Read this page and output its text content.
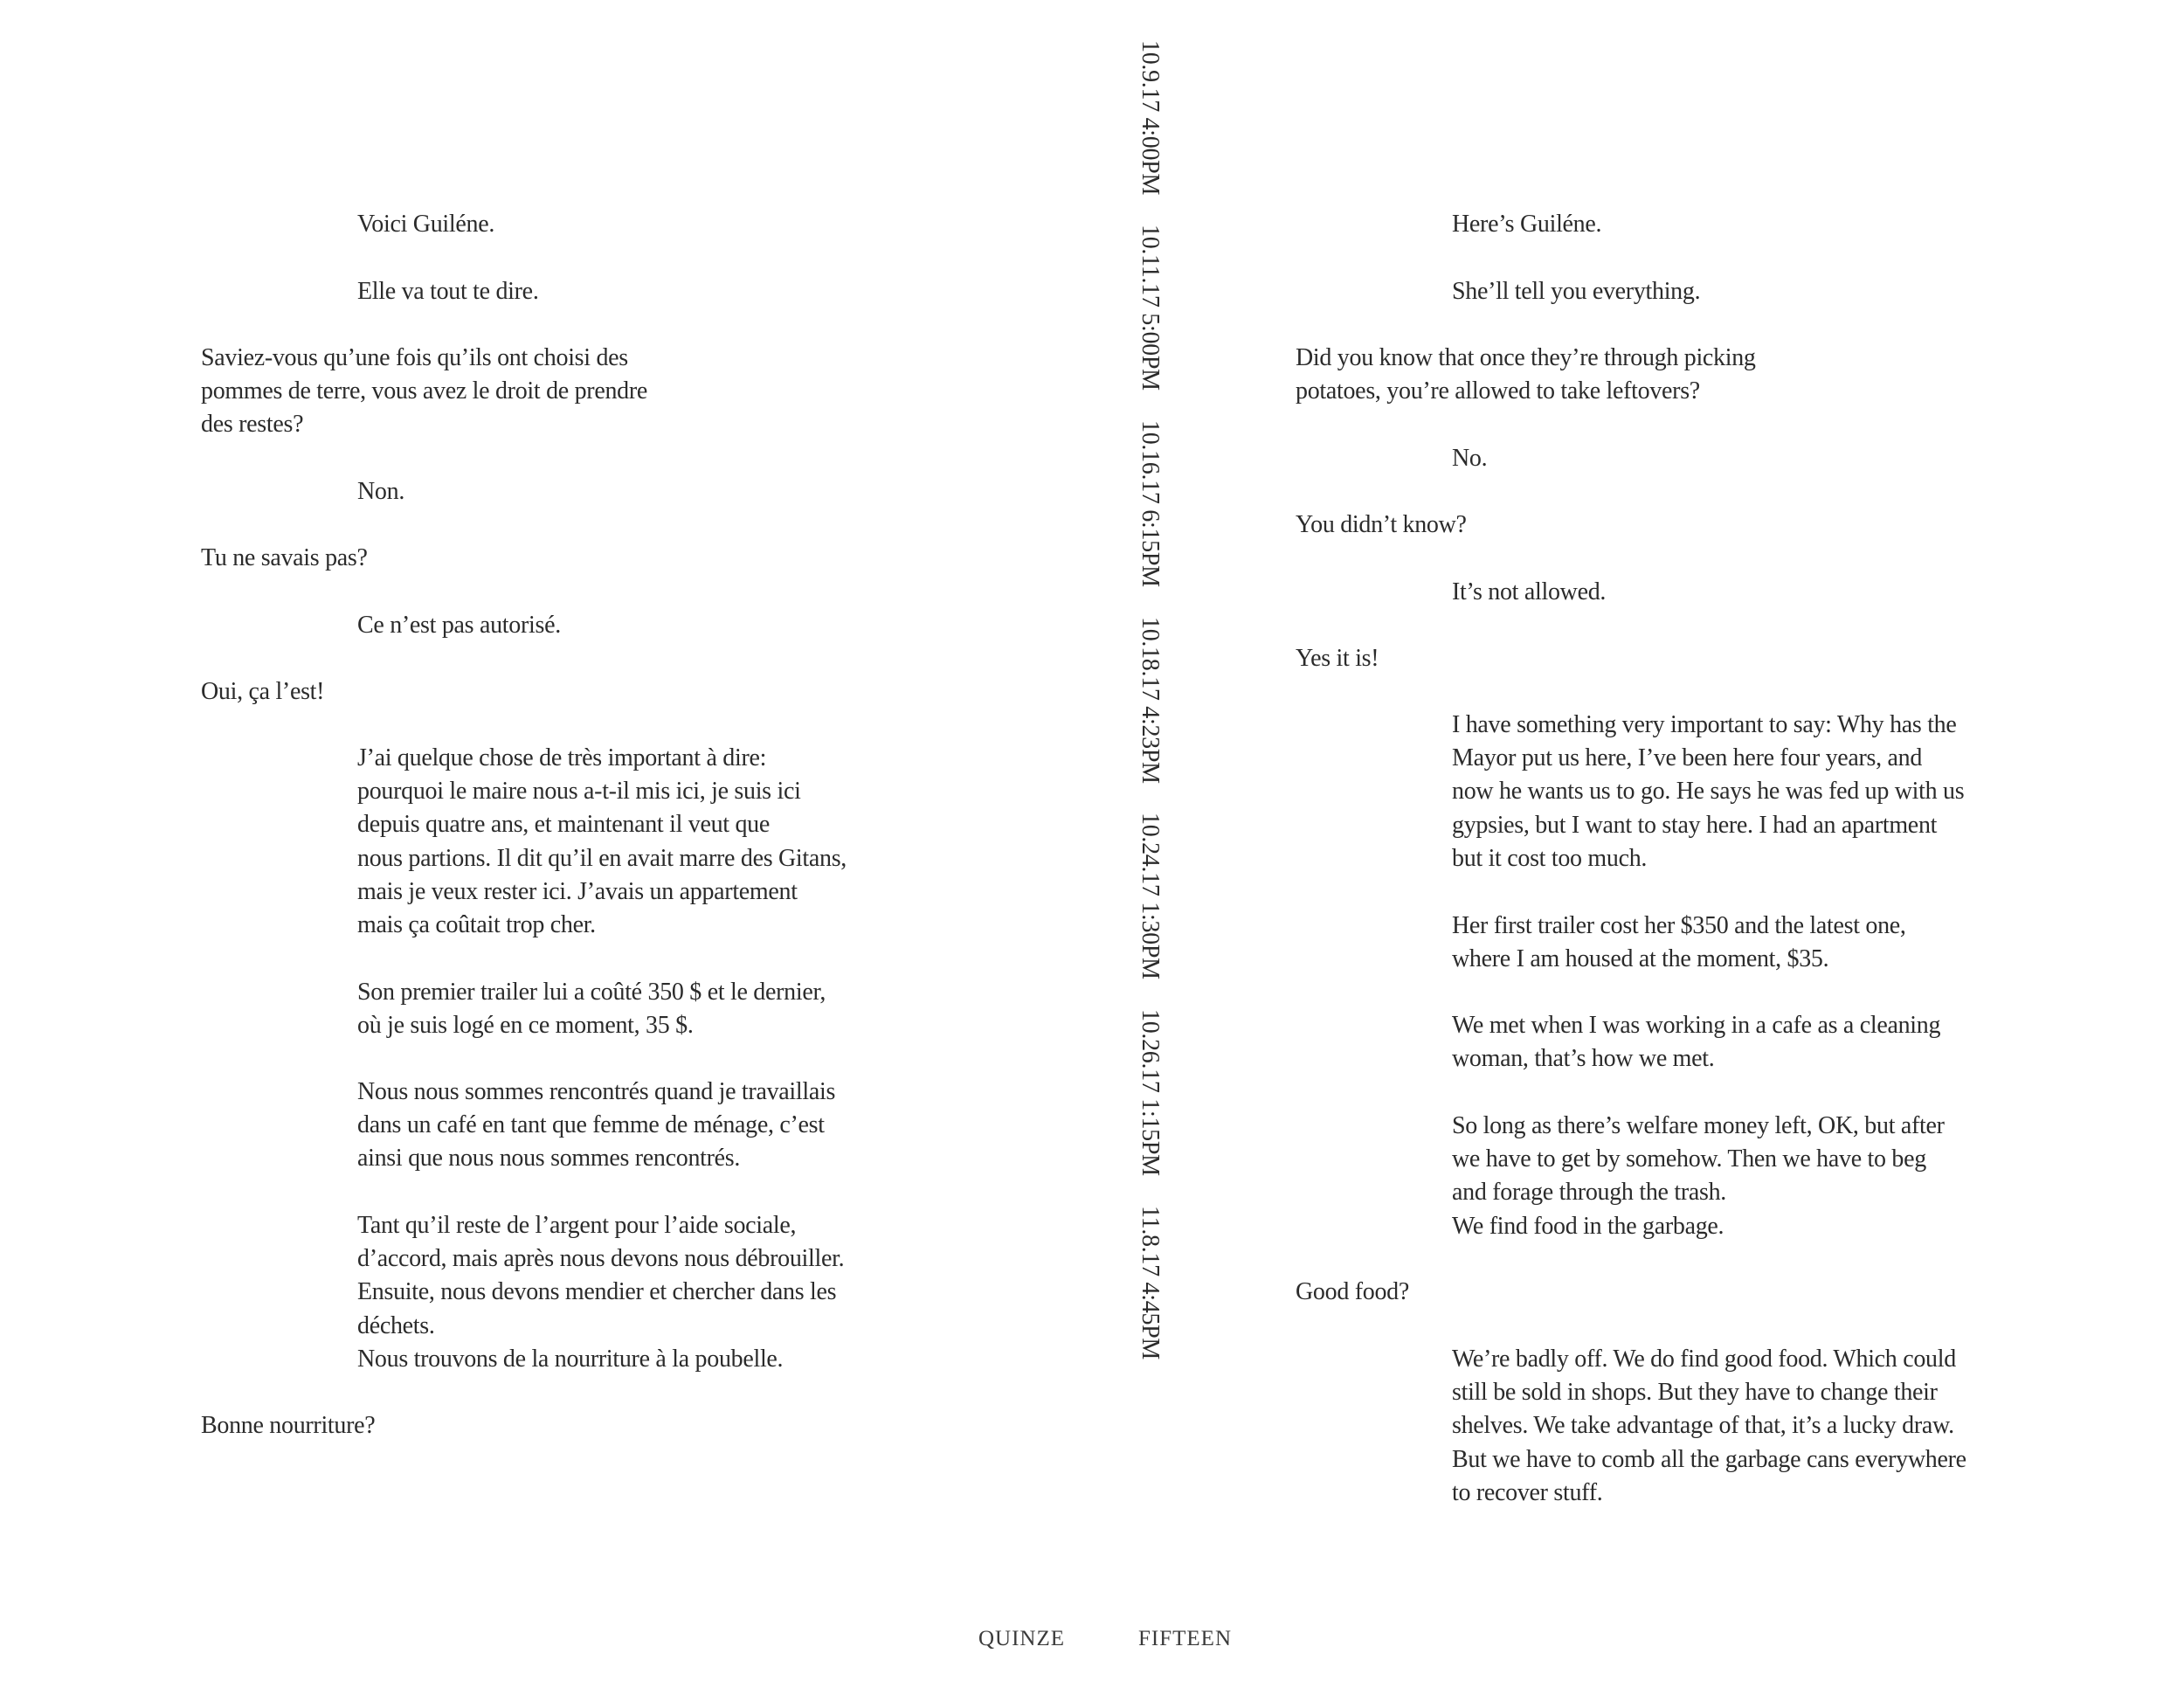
Voici Guiléne.

Elle va tout te dire.

Saviez-vous qu’une fois qu’ils ont choisi des
pommes de terre, vous avez le droit de prendre
des restes?

Non.

Tu ne savais pas?

Ce n’est pas autorisé.

Oui, ça l’est!

J’ai quelque chose de très important à dire:
pourquoi le maire nous a-t-il mis ici, je suis ici
depuis quatre ans, et maintenant il veut que
nous partions. Il dit qu’il en avait marre des Gitans,
mais je veux rester ici. J’avais un appartement
mais ça coûtait trop cher.

Son premier trailer lui a coûté 350 $ et le dernier,
où je suis logé en ce moment, 35 $.

Nous nous sommes rencontrés quand je travaillais
dans un café en tant que femme de ménage, c’est
ainsi que nous nous sommes rencontrés.

Tant qu’il reste de l’argent pour l’aide sociale,
d’accord, mais après nous devons nous débrouiller.
Ensuite, nous devons mendier et chercher dans les
déchets.
Nous trouvons de la nourriture à la poubelle.

Bonne nourriture?

10.9.17 4:00PM10.11.17 5:00PM10.16.17 6:15PM10.18.17 4:23PM10.24.17 1:30PM10.26.17 1:15PM11.8.17 4:45PM

Here’s Guiléne.

She’ll tell you everything.

Did you know that once they’re through picking
potatoes, you’re allowed to take leftovers?

No.

You didn’t know?

It’s not allowed.

Yes it is!

I have something very important to say: Why has the
Mayor put us here, I’ve been here four years, and
now he wants us to go. He says he was fed up with us
gypsies, but I want to stay here. I had an apartment
but it cost too much.

Her first trailer cost her $350 and the latest one,
where I am housed at the moment, $35.

We met when I was working in a cafe as a cleaning
woman, that’s how we met.

So long as there’s welfare money left, OK, but after
we have to get by somehow. Then we have to beg
and forage through the trash.
We find food in the garbage.

Good food?

We’re badly off. We do find good food. Which could
still be sold in shops. But they have to change their
shelves. We take advantage of that, it’s a lucky draw.
But we have to comb all the garbage cans everywhere
to recover stuff.

QUINZE	FIFTEEN
